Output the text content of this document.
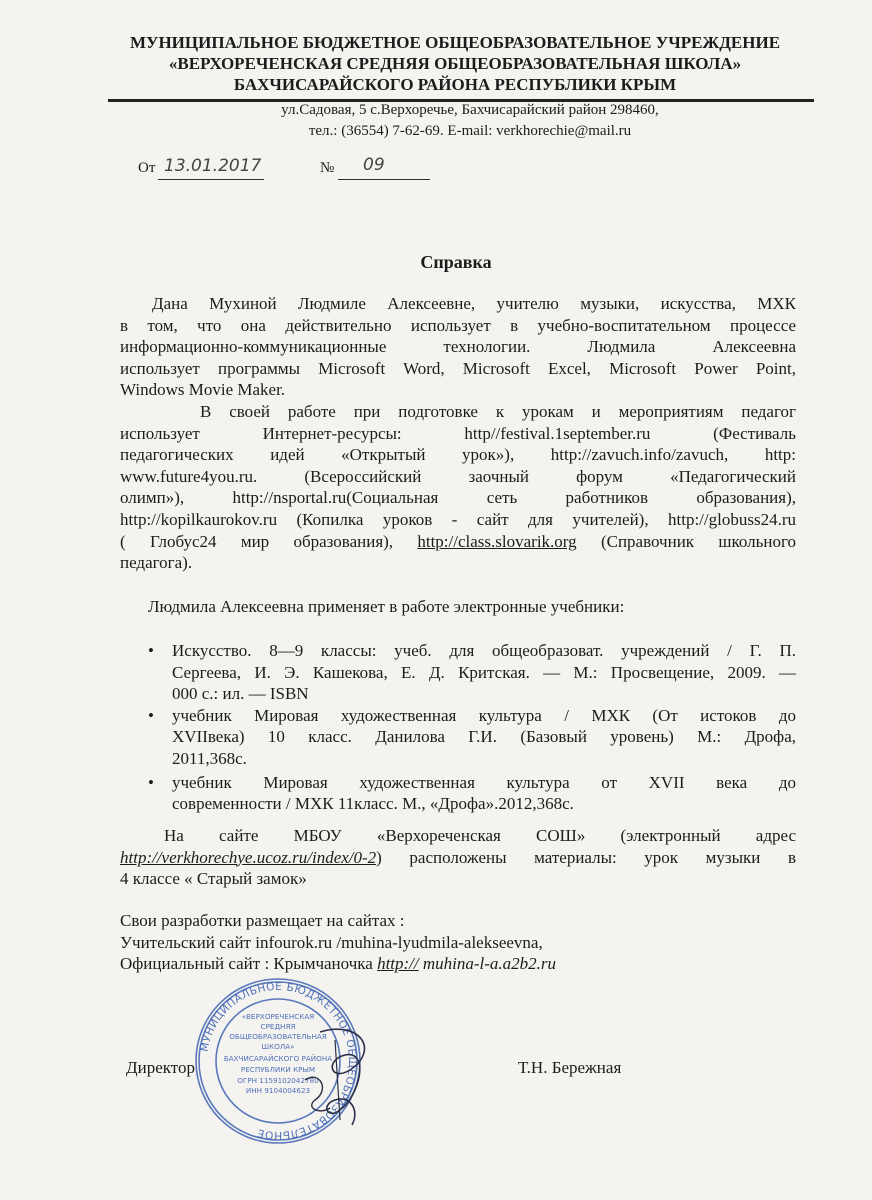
МУНИЦИПАЛЬНОЕ БЮДЖЕТНОЕ ОБЩЕОБРАЗОВАТЕЛЬНОЕ УЧРЕЖДЕНИЕ
«ВЕРХОРЕЧЕНСКАЯ СРЕДНЯЯ ОБЩЕОБРАЗОВАТЕЛЬНАЯ ШКОЛА»
БАХЧИСАРАЙСКОГО РАЙОНА РЕСПУБЛИКИ КРЫМ
ул.Садовая, 5 с.Верхоречье, Бахчисарайский район 298460,
тел.: (36554) 7-62-69. E-mail: verkhorechie@mail.ru
От 13.01.2017	№ 09
Справка
Дана Мухиной Людмиле Алексеевне, учителю музыки, искусства, МХК
в том, что она действительно использует в учебно-воспитательном процессе
информационно-коммуникационные технологии. Людмила Алексеевна
использует программы Microsoft Word, Microsoft Excel, Microsoft Power Point,
Windows Movie Maker.
В своей работе при подготовке к урокам и мероприятиям педагог
использует Интернет-ресурсы: http//festival.1september.ru (Фестиваль
педагогических идей «Открытый урок»), http://zavuch.info/zavuch, http:
www.future4you.ru. (Всероссийский заочный форум «Педагогический
олимп»), http://nsportal.ru(Социальная сеть работников образования),
http://kopilkaurokov.ru (Копилка уроков - сайт для учителей), http://globuss24.ru
( Глобус24 мир образования), http://class.slovarik.org (Справочник школьного
педагога).
Людмила Алексеевна применяет в работе электронные учебники:
• Искусство. 8—9 классы: учеб. для общеобразоват. учреждений / Г. П.
Сергеева, И. Э. Кашекова, Е. Д. Критская. — М.: Просвещение, 2009. —
000 с.: ил. — ISBN
• учебник Мировая художественная культура / МХК (От истоков до
XVIIвека) 10 класс. Данилова Г.И. (Базовый уровень) М.: Дрофа,
2011,368с.
• учебник Мировая художественная культура от XVII века до
современности / МХК 11класс. М., «Дрофа».2012,368с.
На сайте МБОУ «Верхореченская СОШ» (электронный адрес
http://verkhorechye.ucoz.ru/index/0-2) расположены материалы: урок музыки в
4 классе « Старый замок»
Свои разработки размещает на сайтах :
Учительский сайт infourok.ru /muhina-lyudmila-alekseevna,
Официальный сайт : Крымчаночка http:// muhina-l-a.a2b2.ru
МУНИЦИПАЛЬНОЕ БЮДЖЕТНОЕ ОБЩЕОБРАЗОВАТЕЛЬНОЕ
«ВЕРХОРЕЧЕНСКАЯ
СРЕДНЯЯ
ОБЩЕОБРАЗОВАТЕЛЬНАЯ
ШКОЛА»
БАХЧИСАРАЙСКОГО РАЙОНА
РЕСПУБЛИКИ КРЫМ
ОГРН 1159102042780
ИНН 9104004623
Директор	Т.Н. Бережная
